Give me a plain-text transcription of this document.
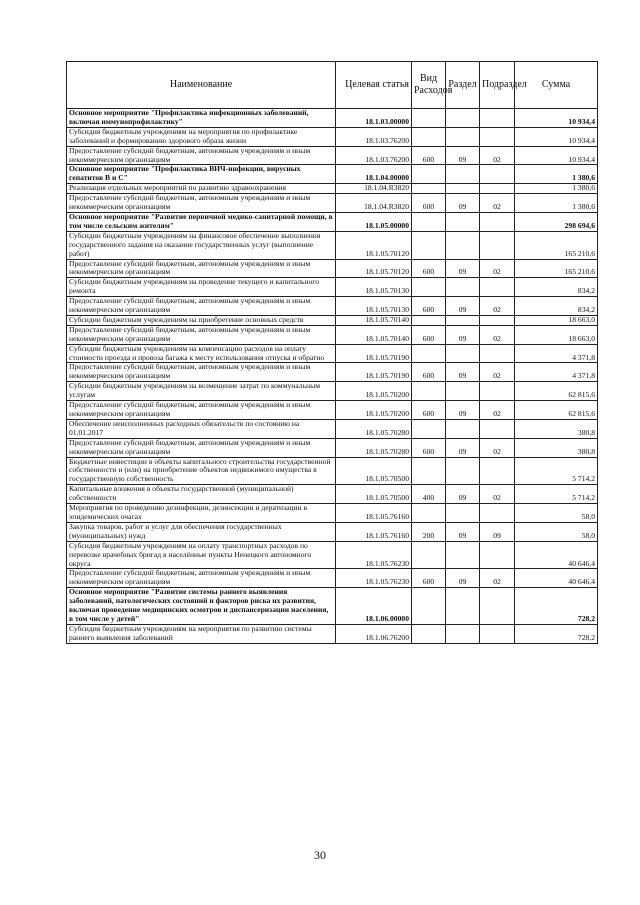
Наименование	Целевая статья	Вид Расходов	Раздел	Подраздел	Сумма
Основное мероприятие "Профилактика инфекционных заболеваний, включая иммунопрофилактику"	18.1.03.00000				10 934,4
Субсидия бюджетным учреждениям на мероприятия по профилактике заболеваний и формированию здорового образа жизни	18.1.03.76200				10 934,4
Предоставление субсидий бюджетным, автономным учреждениям и иным некоммерческим организациям	18.1.03.76200	600	09	02	10 934,4
Основное мероприятие "Профилактика ВИЧ-инфекции, вирусных гепатитов В и С"	18.1.04.00000				1 380,6
Реализация отдельных мероприятий по развитию здравоохранения	18.1.04.R3820				1 380,6
Предоставление субсидий бюджетным, автономным учреждениям и иным некоммерческим организациям	18.1.04.R3820	600	09	02	1 380,6
Основное мероприятие "Развитие первичной медико-санитарной помощи, в том числе сельским жителям"	18.1.05.00000				298 694,6
Субсидии бюджетным учреждениям на финансовое обеспечение выполнения государственного задания на оказание государственных услуг (выполнение работ)	18.1.05.70120				165 210,6
Предоставление субсидий бюджетным, автономным учреждениям и иным некоммерческим организациям	18.1.05.70120	600	09	02	165 210,6
Субсидии бюджетным учреждениям на проведение текущего и капитального ремонта	18.1.05.70130				834,2
Предоставление субсидий бюджетным, автономным учреждениям и иным некоммерческим организациям	18.1.05.70130	600	09	02	834,2
Субсидии бюджетным учреждениям на приобретение основных средств	18.1.05.70140				18 663,0
Предоставление субсидий бюджетным, автономным учреждениям и иным некоммерческим организациям	18.1.05.70140	600	09	02	18 663,0
Субсидии бюджетным учреждениям на компенсацию расходов на оплату стоимости проезда и провоза багажа к месту использования отпуска и обратно	18.1.05.70190				4 371,8
Предоставление субсидий бюджетным, автономным учреждениям и иным некоммерческим организациям	18.1.05.70190	600	09	02	4 371,8
Субсидии бюджетным учреждениям на возмещение затрат по коммунальным услугам	18.1.05.70200				62 815,6
Предоставление субсидий бюджетным, автономным учреждениям и иным некоммерческим организациям	18.1.05.70200	600	09	02	62 815,6
Обеспечение неисполненных расходных обязательств по состоянию на 01.01.2017	18.1.05.70280				380,8
Предоставление субсидий бюджетным, автономным учреждениям и иным некоммерческим организациям	18.1.05.70280	600	09	02	380,8
Бюджетные инвестиции в объекты капитального строительства государственной собственности и (или) на приобретение объектов недвижимого имущества в государственную собственность	18.1.05.70500				5 714,2
Капитальные вложения в объекты государственной (муниципальной) собственности	18.1.05.70500	400	09	02	5 714,2
Мероприятия по проведению дезинфекции, дезинсекции и дератизации в эпидемических очагах	18.1.05.76160				58,0
Закупка товаров, работ и услуг для обеспечения государственных (муниципальных) нужд	18.1.05.76160	200	09	09	58,0
Субсидия бюджетным учреждениям на оплату транспортных расходов по перевозке врачебных бригад в населённые пункты Ненецкого автономного округа	18.1.05.76230				40 646,4
Предоставление субсидий бюджетным, автономным учреждениям и иным некоммерческим организациям	18.1.05.76230	600	09	02	40 646,4
Основное мероприятие "Развитие системы раннего выявления заболеваний, патологических состояний и факторов риска их развития, включая проведение медицинских осмотров и диспансеризации населения, в том числе у детей"	18.1.06.00000				728,2
Субсидия бюджетным учреждениям на мероприятия по развитию системы раннего выявления заболеваний	18.1.06.76200				728,2
30
